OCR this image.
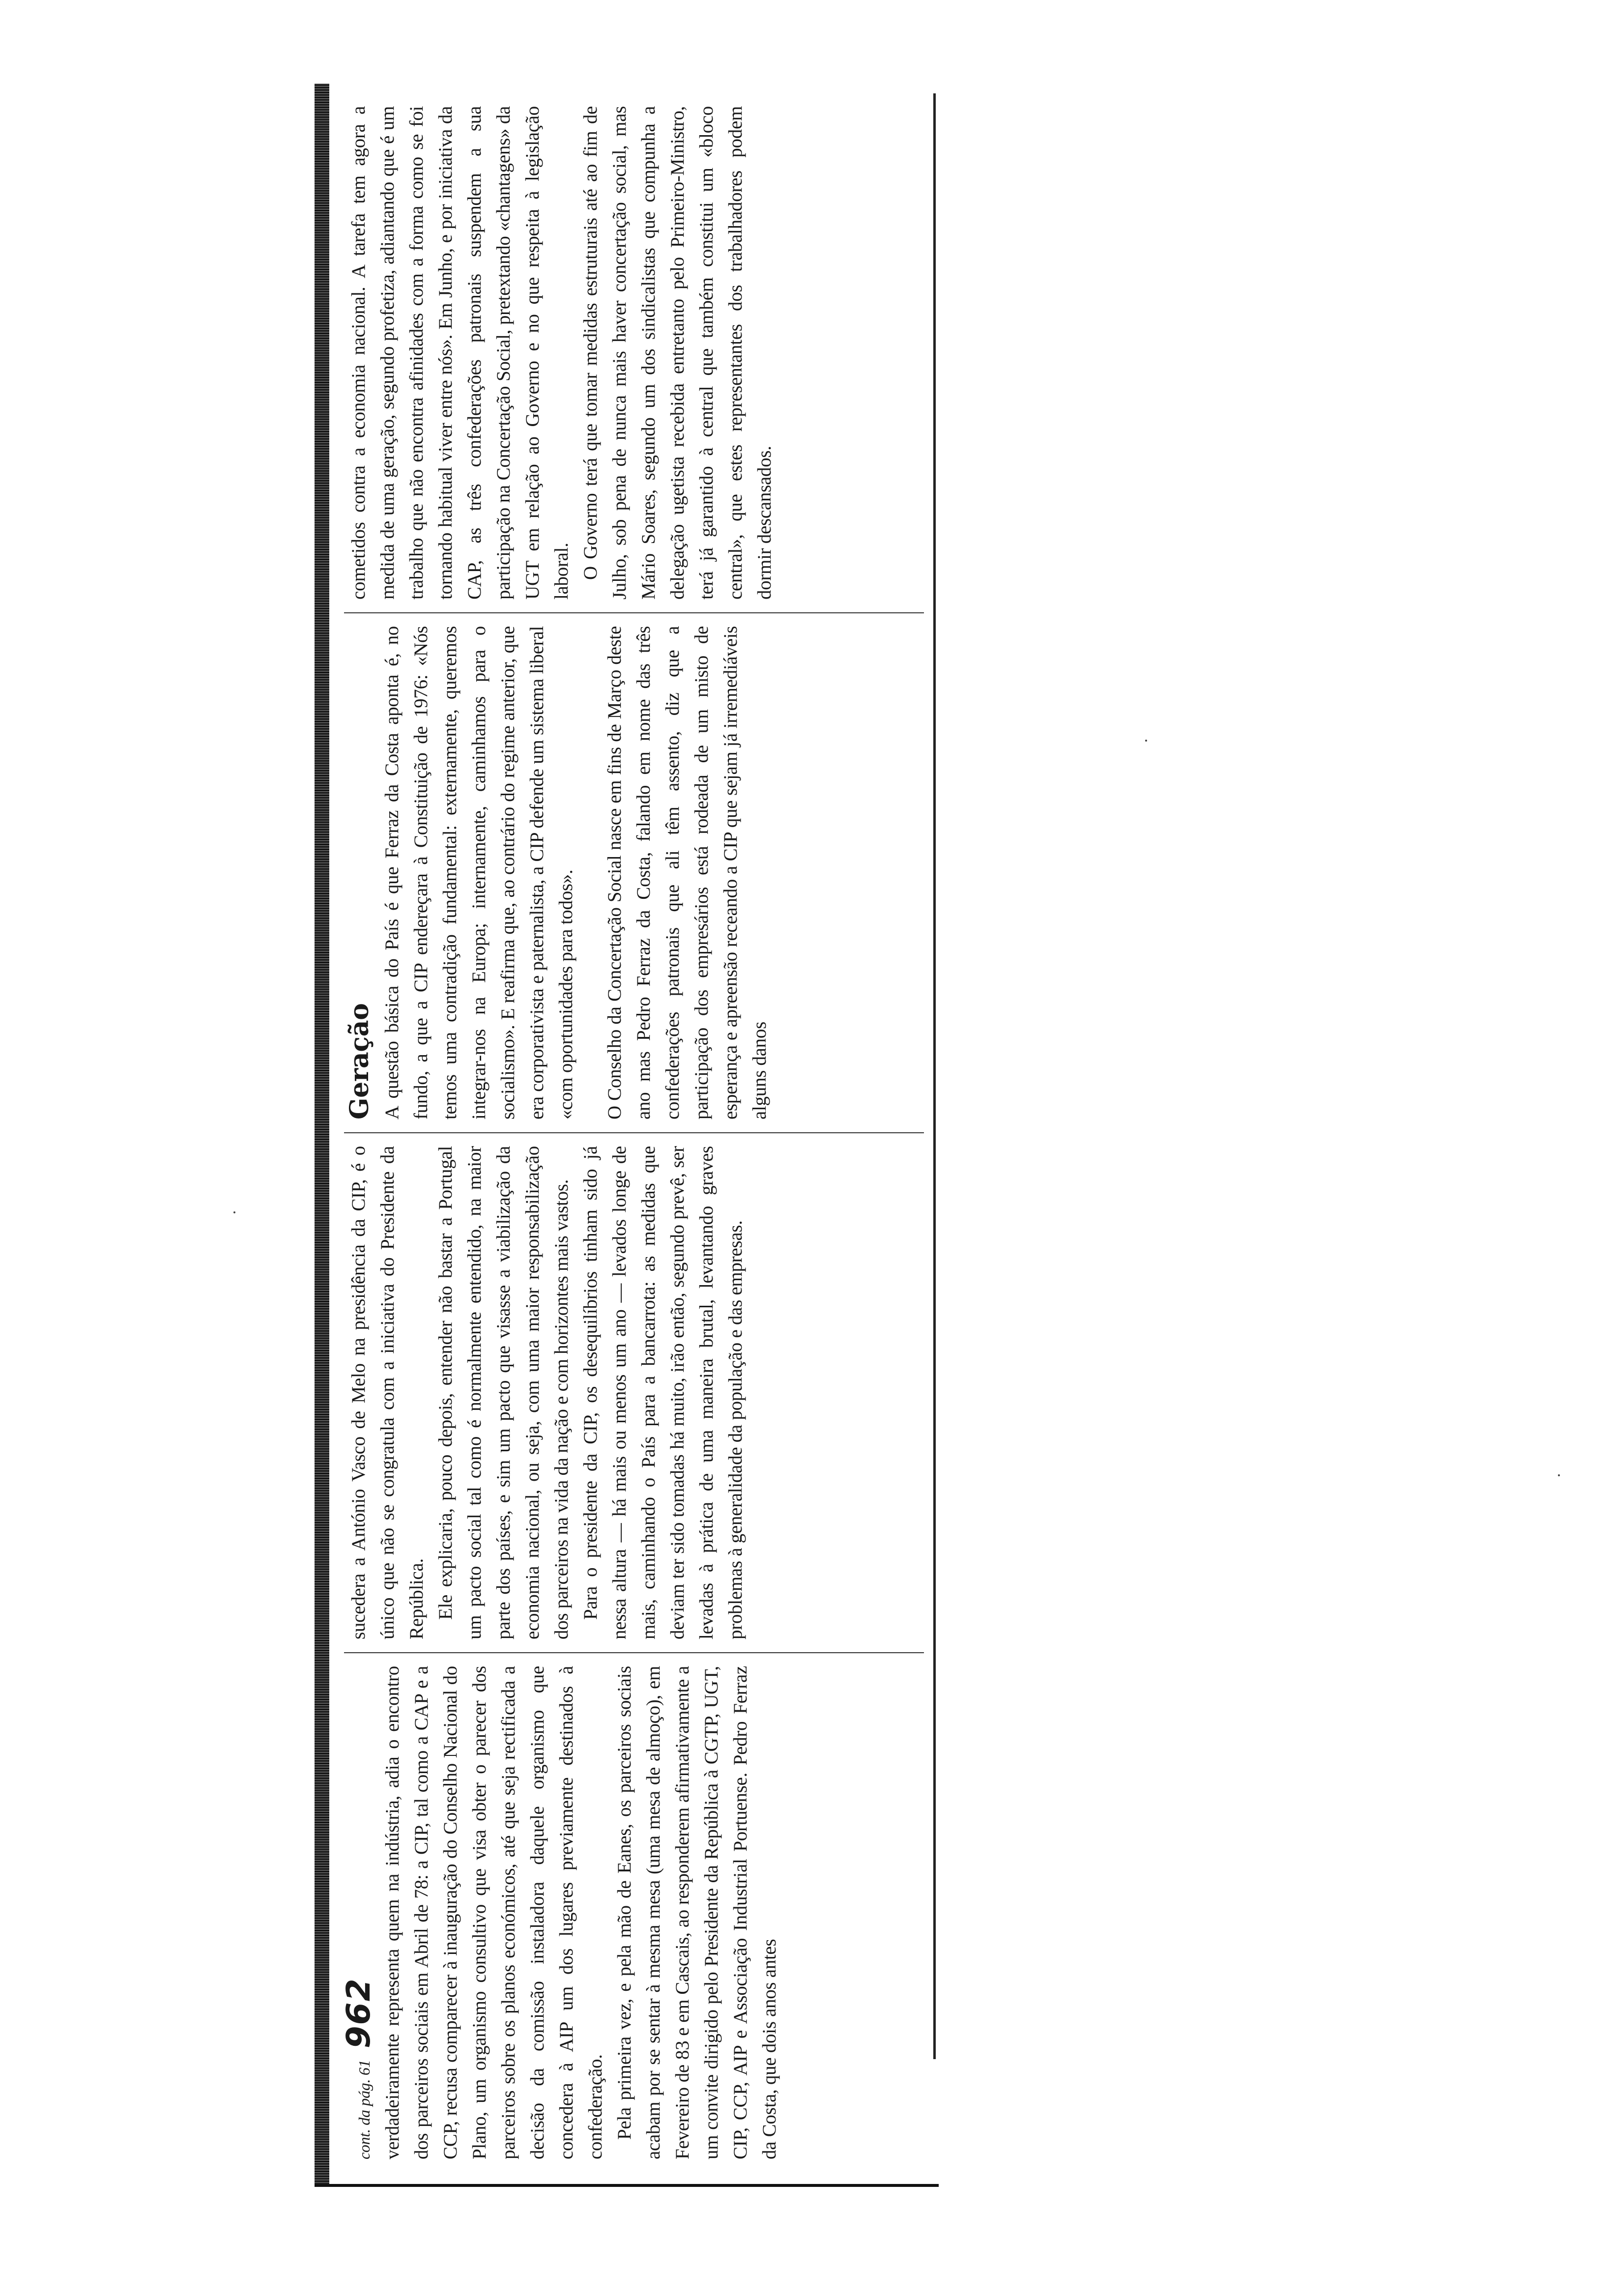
cont. da pág. 61 962 verdadeiramente representa quem na indústria, adia o encontro dos parceiros sociais em Abril de 78: a CIP, tal como a CAP e a CCP, recusa comparecer à inauguração do Conselho Nacional do Plano, um organismo consultivo que visa obter o parecer dos parceiros sobre os planos económicos, até que seja rectificada a decisão da comissão instaladora daquele organismo que concedera à AIP um dos lugares previamente destinados à confederação. Pela primeira vez, e pela mão de Eanes, os parceiros sociais acabam por se sentar à mesma mesa (uma mesa de almoço), em Fevereiro de 83 e em Cascais, ao responderem afirmativamente a um convite dirigido pelo Presidente da República à CGTP, UGT, CIP, CCP, AIP e Associação Industrial Portuense. Pedro Ferraz da Costa, que dois anos antes

sucedera a António Vasco de Melo na presidência da CIP, é o único que não se congratula com a iniciativa do Presidente da República. Ele explicaria, pouco depois, entender não bastar a Portugal um pacto social tal como é normalmente entendido, na maior parte dos países, e sim um pacto que visasse a viabilização da economia nacional, ou seja, com uma maior responsabilização dos parceiros na vida da nação e com horizontes mais vastos. Para o presidente da CIP, os desequilíbrios tinham sido já nessa altura — há mais ou menos um ano — levados longe de mais, caminhando o País para a bancarrota: as medidas que deviam ter sido tomadas há muito, irão então, segundo prevê, ser levadas à prática de uma maneira brutal, levantando graves problemas à generalidade da população e das empresas.

Geração A questão básica do País é que Ferraz da Costa aponta é, no fundo, a que a CIP endereçara à Constituição de 1976: «Nós temos uma contradição fundamental: externamente, queremos integrar-nos na Europa; internamente, caminhamos para o socialismo». E reafirma que, ao contrário do regime anterior, que era corporativista e paternalista, a CIP defende um sistema liberal «com oportunidades para todos». O Conselho da Concertação Social nasce em fins de Março deste ano mas Pedro Ferraz da Costa, falando em nome das três confederações patronais que ali têm assento, diz que a participação dos empresários está rodeada de um misto de esperança e apreensão receando a CIP que sejam já irremediáveis alguns danos

cometidos contra a economia nacional. A tarefa tem agora a medida de uma geração, segundo profetiza, adiantando que é um trabalho que não encontra afinidades com a forma como se foi tornando habitual viver entre nós». Em Junho, e por iniciativa da CAP, as três confederações patronais suspendem a sua participação na Concertação Social, pretextando «chantagens» da UGT em relação ao Governo e no que respeita à legislação laboral. O Governo terá que tomar medidas estruturais até ao fim de Julho, sob pena de nunca mais haver concertação social, mas Mário Soares, segundo um dos sindicalistas que compunha a delegação ugetista recebida entretanto pelo Primeiro-Ministro, terá já garantido à central que também constitui um «bloco central», que estes representantes dos trabalhadores podem dormir descansados.
